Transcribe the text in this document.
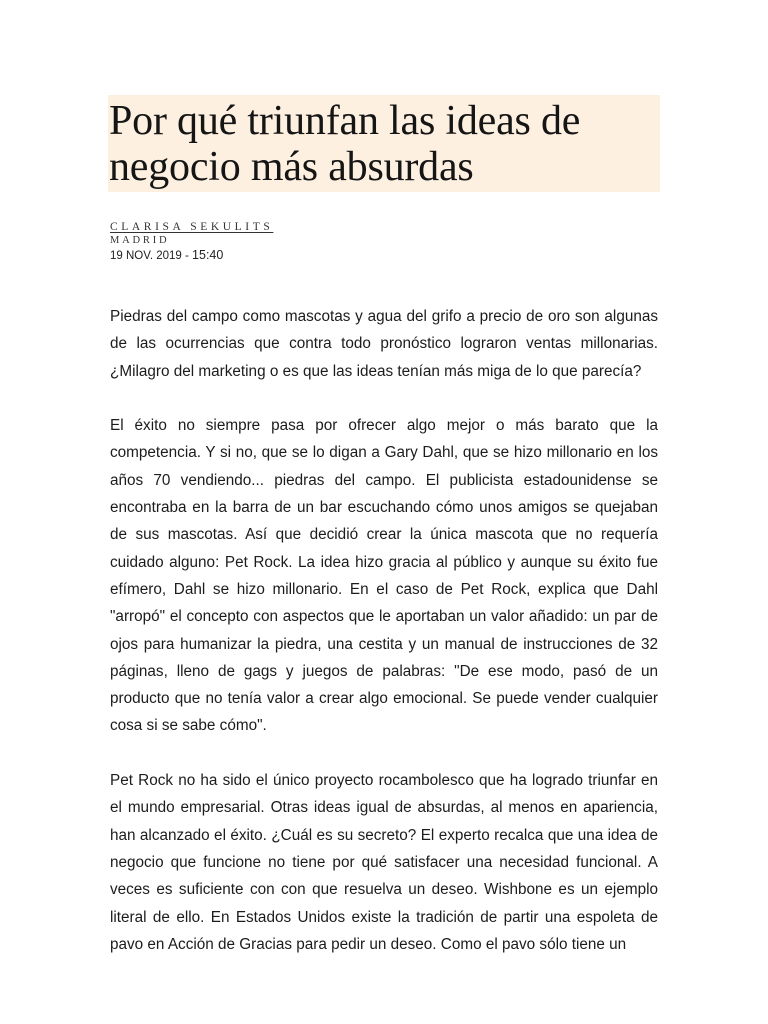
Por qué triunfan las ideas de negocio más absurdas
CLARISA SEKULITS
MADRID
19 NOV. 2019 - 15:40

Piedras del campo como mascotas y agua del grifo a precio de oro son algunas de las ocurrencias que contra todo pronóstico lograron ventas millonarias. ¿Milagro del marketing o es que las ideas tenían más miga de lo que parecía?

El éxito no siempre pasa por ofrecer algo mejor o más barato que la competencia. Y si no, que se lo digan a Gary Dahl, que se hizo millonario en los años 70 vendiendo... piedras del campo. El publicista estadounidense se encontraba en la barra de un bar escuchando cómo unos amigos se quejaban de sus mascotas. Así que decidió crear la única mascota que no requería cuidado alguno: Pet Rock. La idea hizo gracia al público y aunque su éxito fue efímero, Dahl se hizo millonario. En el caso de Pet Rock, explica que Dahl "arropó" el concepto con aspectos que le aportaban un valor añadido: un par de ojos para humanizar la piedra, una cestita y un manual de instrucciones de 32 páginas, lleno de gags y juegos de palabras: "De ese modo, pasó de un producto que no tenía valor a crear algo emocional. Se puede vender cualquier cosa si se sabe cómo".

Pet Rock no ha sido el único proyecto rocambolesco que ha logrado triunfar en el mundo empresarial. Otras ideas igual de absurdas, al menos en apariencia, han alcanzado el éxito. ¿Cuál es su secreto? El experto recalca que una idea de negocio que funcione no tiene por qué satisfacer una necesidad funcional. A veces es suficiente con con que resuelva un deseo. Wishbone es un ejemplo literal de ello. En Estados Unidos existe la tradición de partir una espoleta de pavo en Acción de Gracias para pedir un deseo. Como el pavo sólo tiene un
